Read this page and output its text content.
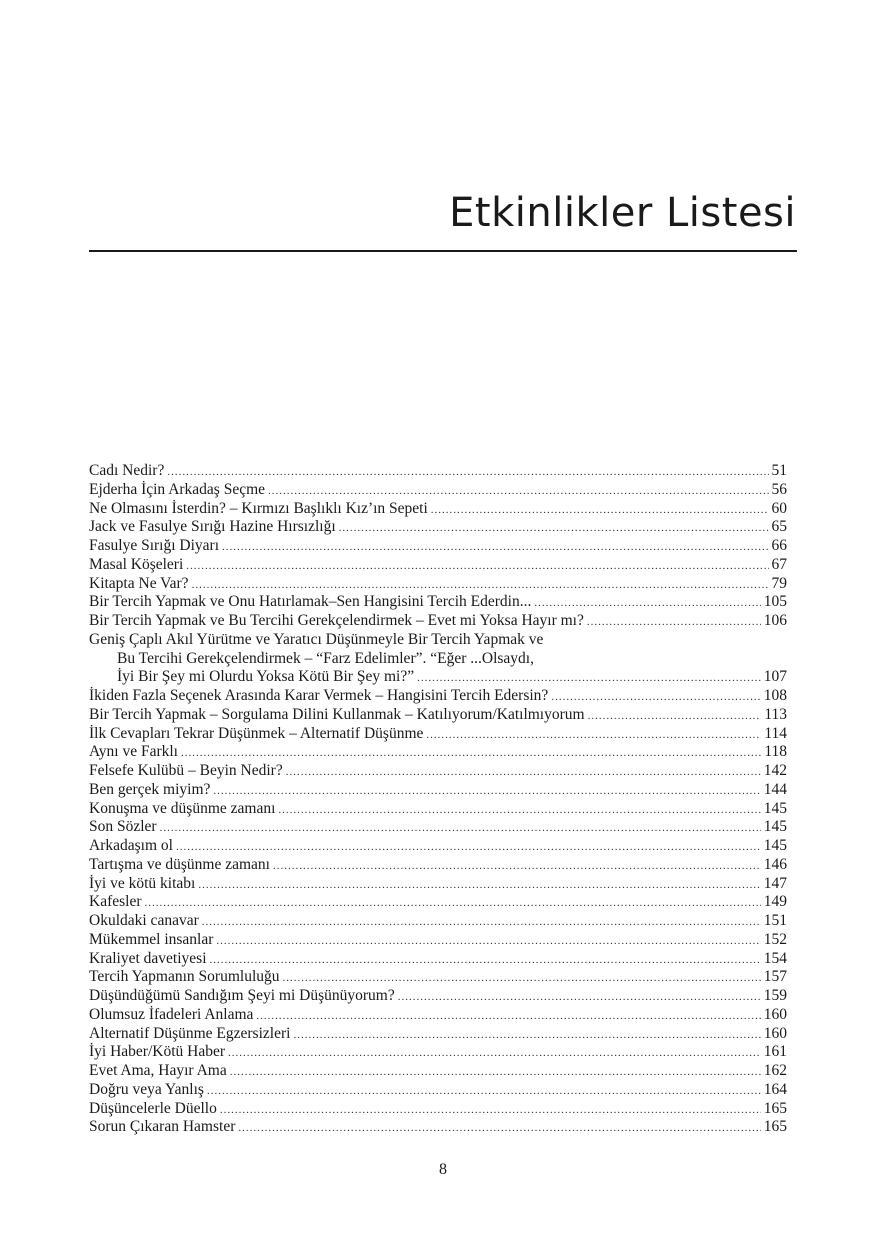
Etkinlikler Listesi
Cadı Nedir? .....	51
Ejderha İçin Arkadaş Seçme .....	56
Ne Olmasını İsterdin? – Kırmızı Başlıklı Kız’ın Sepeti .....	60
Jack ve Fasulye Sırığı Hazine Hırsızlığı .....	65
Fasulye Sırığı Diyarı .....	66
Masal Köşeleri .....	67
Kitapta Ne Var? .....	79
Bir Tercih Yapmak ve Onu Hatırlamak–Sen Hangisini Tercih Ederdin... .....	105
Bir Tercih Yapmak ve Bu Tercihi Gerekçelendirmek – Evet mi Yoksa Hayır mı? .....	106
Geniş Çaplı Akıl Yürütme ve Yaratıcı Düşünmeyle Bir Tercih Yapmak ve
Bu Tercihi Gerekçelendirmek – “Farz Edelimler”. “Eğer ...Olsaydı,
İyi Bir Şey mi Olurdu Yoksa Kötü Bir Şey mi?” .....	107
İkiden Fazla Seçenek Arasında Karar Vermek – Hangisini Tercih Edersin? .....	108
Bir Tercih Yapmak – Sorgulama Dilini Kullanmak – Katılıyorum/Katılmıyorum .....	113
İlk Cevapları Tekrar Düşünmek – Alternatif Düşünme .....	114
Aynı ve Farklı .....	118
Felsefe Kulübü – Beyin Nedir? .....	142
Ben gerçek miyim? .....	144
Konuşma ve düşünme zamanı .....	145
Son Sözler .....	145
Arkadaşım ol .....	145
Tartışma ve düşünme zamanı .....	146
İyi ve kötü kitabı .....	147
Kafesler .....	149
Okuldaki canavar .....	151
Mükemmel insanlar .....	152
Kraliyet davetiyesi .....	154
Tercih Yapmanın Sorumluluğu .....	157
Düşündüğümü Sandığım Şeyi mi Düşünüyorum? .....	159
Olumsuz İfadeleri Anlama .....	160
Alternatif Düşünme Egzersizleri .....	160
İyi Haber/Kötü Haber .....	161
Evet Ama, Hayır Ama .....	162
Doğru veya Yanlış .....	164
Düşüncelerle Düello .....	165
Sorun Çıkaran Hamster .....	165
8
